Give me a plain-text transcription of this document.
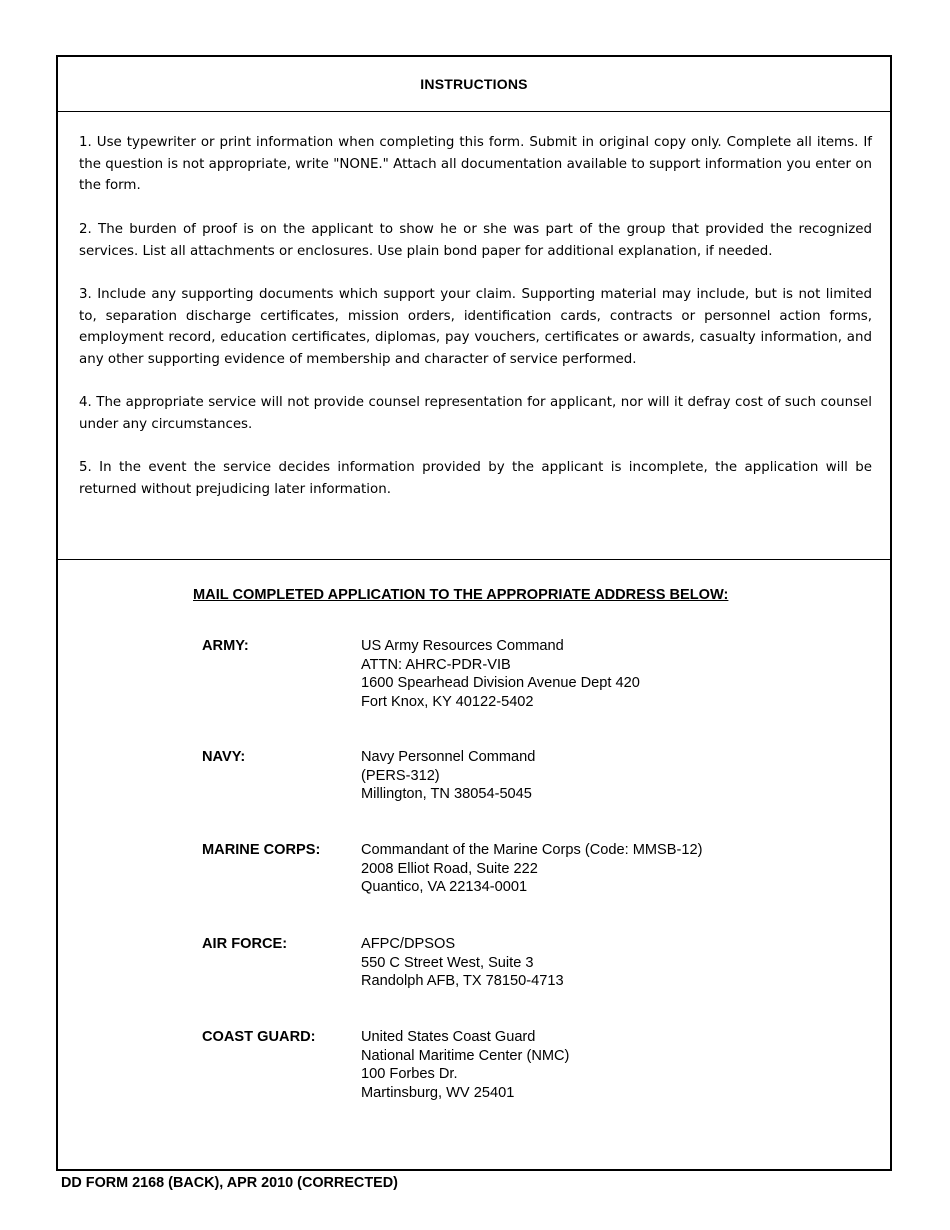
INSTRUCTIONS

1. Use typewriter or print information when completing this form. Submit in original copy only. Complete all items. If the question is not appropriate, write "NONE." Attach all documentation available to support information you enter on the form.

2. The burden of proof is on the applicant to show he or she was part of the group that provided the recognized services. List all attachments or enclosures. Use plain bond paper for additional explanation, if needed.

3. Include any supporting documents which support your claim. Supporting material may include, but is not limited to, separation discharge certificates, mission orders, identification cards, contracts or personnel action forms, employment record, education certificates, diplomas, pay vouchers, certificates or awards, casualty information, and any other supporting evidence of membership and character of service performed.

4. The appropriate service will not provide counsel representation for applicant, nor will it defray cost of such counsel under any circumstances.

5. In the event the service decides information provided by the applicant is incomplete, the application will be returned without prejudicing later information.

MAIL COMPLETED APPLICATION TO THE APPROPRIATE ADDRESS BELOW:
ARMY:	US Army Resources Command
ATTN: AHRC-PDR-VIB
1600 Spearhead Division Avenue Dept 420
Fort Knox, KY 40122-5402
NAVY:	Navy Personnel Command
(PERS-312)
Millington, TN 38054-5045
MARINE CORPS:	Commandant of the Marine Corps (Code: MMSB-12)
2008 Elliot Road, Suite 222
Quantico, VA 22134-0001
AIR FORCE:	AFPC/DPSOS
550 C Street West, Suite 3
Randolph AFB, TX 78150-4713
COAST GUARD:	United States Coast Guard
National Maritime Center (NMC)
100 Forbes Dr.
Martinsburg, WV 25401
DD FORM 2168 (BACK), APR 2010 (CORRECTED)
